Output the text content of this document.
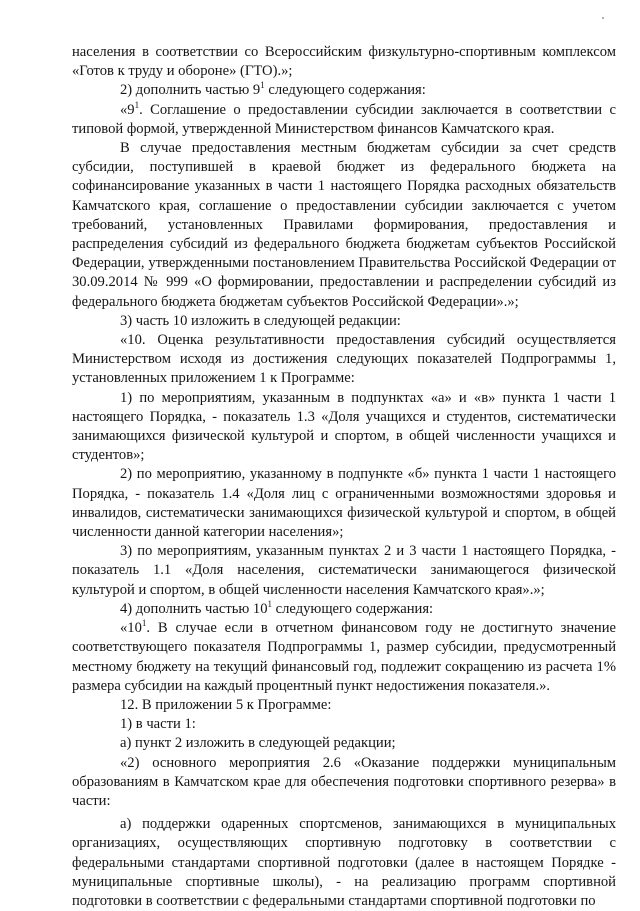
населения в соответствии со Всероссийским физкультурно-спортивным комплексом «Готов к труду и обороне» (ГТО).»;

2) дополнить частью $9^1$ следующего содержания:

«$9^1$. Соглашение о предоставлении субсидии заключается в соответствии с типовой формой, утвержденной Министерством финансов Камчатского края.

В случае предоставления местным бюджетам субсидии за счет средств субсидии, поступившей в краевой бюджет из федерального бюджета на софинансирование указанных в части 1 настоящего Порядка расходных обязательств Камчатского края, соглашение о предоставлении субсидии заключается с учетом требований, установленных Правилами формирования, предоставления и распределения субсидий из федерального бюджета бюджетам субъектов Российской Федерации, утвержденными постановлением Правительства Российской Федерации от 30.09.2014 № 999 «О формировании, предоставлении и распределении субсидий из федерального бюджета бюджетам субъектов Российской Федерации».»;

3) часть 10 изложить в следующей редакции:

«10. Оценка результативности предоставления субсидий осуществляется Министерством исходя из достижения следующих показателей Подпрограммы 1, установленных приложением 1 к Программе:

1) по мероприятиям, указанным в подпунктах «а» и «в» пункта 1 части 1 настоящего Порядка, - показатель 1.3 «Доля учащихся и студентов, систематически занимающихся физической культурой и спортом, в общей численности учащихся и студентов»;

2) по мероприятию, указанному в подпункте «б» пункта 1 части 1 настоящего Порядка, - показатель 1.4 «Доля лиц с ограниченными возможностями здоровья и инвалидов, систематически занимающихся физической культурой и спортом, в общей численности данной категории населения»;

3) по мероприятиям, указанным пунктах 2 и 3 части 1 настоящего Порядка, - показатель 1.1 «Доля населения, систематически занимающегося физической культурой и спортом, в общей численности населения Камчатского края».»;

4) дополнить частью $10^1$ следующего содержания:

«$10^1$. В случае если в отчетном финансовом году не достигнуто значение соответствующего показателя Подпрограммы 1, размер субсидии, предусмотренный местному бюджету на текущий финансовый год, подлежит сокращению из расчета 1% размера субсидии на каждый процентный пункт недостижения показателя.».

12. В приложении 5 к Программе:

1) в части 1:

а) пункт 2 изложить в следующей редакции;

«2) основного мероприятия 2.6 «Оказание поддержки муниципальным образованиям в Камчатском крае для обеспечения подготовки спортивного резерва» в части:

а) поддержки одаренных спортсменов, занимающихся в муниципальных организациях, осуществляющих спортивную подготовку в соответствии с федеральными стандартами спортивной подготовки (далее в настоящем Порядке - муниципальные спортивные школы), - на реализацию программ спортивной подготовки в соответствии с федеральными стандартами спортивной подготовки по
